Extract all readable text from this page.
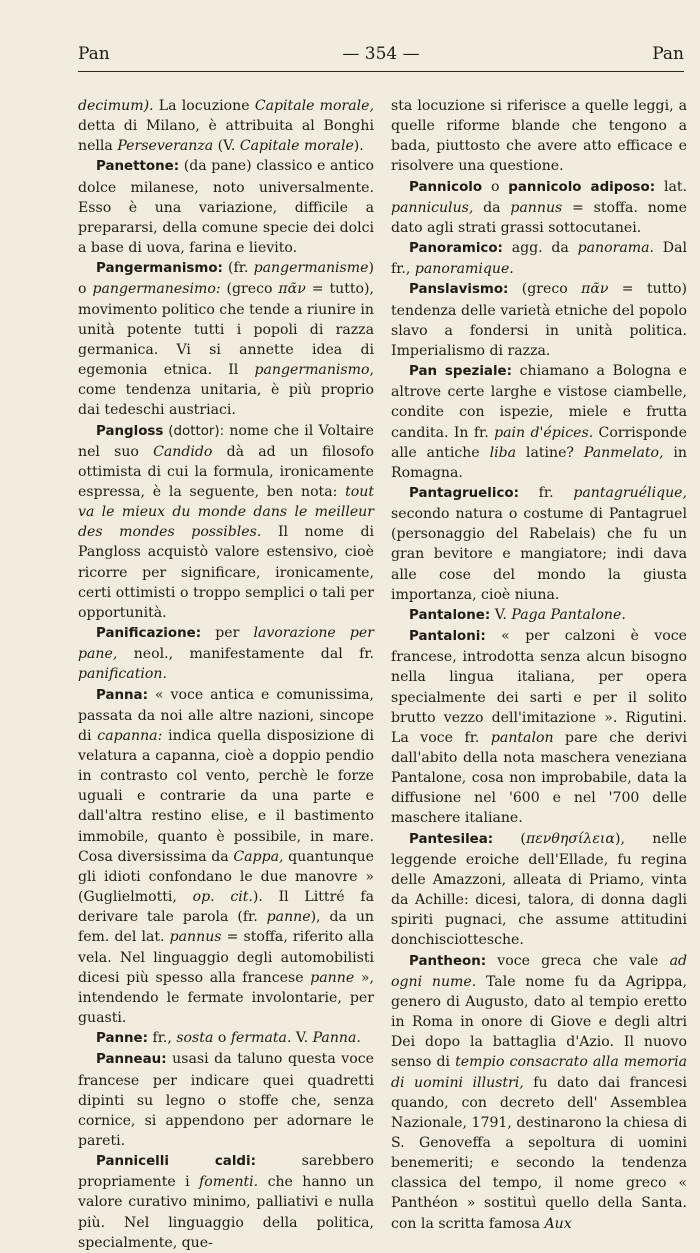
Pan	— 354 —	Pan

decimum). La locuzione Capitale morale, detta di Milano, è attribuita al Bonghi nella Perseveranza (V. Capitale morale).

Panettone: (da pane) classico e antico dolce milanese, noto universalmente. Esso è una variazione, difficile a prepararsi, della comune specie dei dolci a base di uova, farina e lievito.

Pangermanismo: (fr. pangermanisme) o pangermanesimo: (greco πᾶν = tutto), movimento politico che tende a riunire in unità potente tutti i popoli di razza germanica. Vi si annette idea di egemonia etnica. Il pangermanismo, come tendenza unitaria, è più proprio dai tedeschi austriaci.

Pangloss (dottor): nome che il Voltaire nel suo Candido dà ad un filosofo ottimista di cui la formula, ironicamente espressa, è la seguente, ben nota: tout va le mieux du monde dans le meilleur des mondes possibles. Il nome di Pangloss acquistò valore estensivo, cioè ricorre per significare, ironicamente, certi ottimisti o troppo semplici o tali per opportunità.

Panificazione: per lavorazione per pane, neol., manifestamente dal fr. panification.

Panna: « voce antica e comunissima, passata da noi alle altre nazioni, sincope di capanna: indica quella disposizione di velatura a capanna, cioè a doppio pendio in contrasto col vento, perchè le forze uguali e contrarie da una parte e dall'altra restino elise, e il bastimento immobile, quanto è possibile, in mare. Cosa diversissima da Cappa, quantunque gli idioti confondano le due manovre » (Guglielmotti, op. cit.). Il Littré fa derivare tale parola (fr. panne), da un fem. del lat. pannus = stoffa, riferito alla vela. Nel linguaggio degli automobilisti dicesi più spesso alla francese panne », intendendo le fermate involontarie, per guasti.

Panne: fr., sosta o fermata. V. Panna.

Panneau: usasi da taluno questa voce francese per indicare quei quadretti dipinti su legno o stoffe che, senza cornice, si appendono per adornare le pareti.

Pannicelli caldi: sarebbero propriamente i fomenti. che hanno un valore curativo minimo, palliativi e nulla più. Nel linguaggio della politica, specialmente, que-

sta locuzione si riferisce a quelle leggi, a quelle riforme blande che tengono a bada, piuttosto che avere atto efficace e risolvere una questione.

Pannicolo o pannicolo adiposo: lat. panniculus, da pannus = stoffa. nome dato agli strati grassi sottocutanei.

Panoramico: agg. da panorama. Dal fr., panoramique.

Panslavismo: (greco πᾶν = tutto) tendenza delle varietà etniche del popolo slavo a fondersi in unità politica. Imperialismo di razza.

Pan speziale: chiamano a Bologna e altrove certe larghe e vistose ciambelle, condite con ispezie, miele e frutta candita. In fr. pain d'épices. Corrisponde alle antiche liba latine? Panmelato, in Romagna.

Pantagruelico: fr. pantagruélique, secondo natura o costume di Pantagruel (personaggio del Rabelais) che fu un gran bevitore e mangiatore; indi dava alle cose del mondo la giusta importanza, cioè niuna.

Pantalone: V. Paga Pantalone.

Pantaloni: « per calzoni è voce francese, introdotta senza alcun bisogno nella lingua italiana, per opera specialmente dei sarti e per il solito brutto vezzo dell'imitazione ». Rigutini. La voce fr. pantalon pare che derivi dall'abito della nota maschera veneziana Pantalone, cosa non improbabile, data la diffusione nel '600 e nel '700 delle maschere italiane.

Pantesilea: (πενθησίλεια), nelle leggende eroiche dell'Ellade, fu regina delle Amazzoni, alleata di Priamo, vinta da Achille: dicesi, talora, di donna dagli spiriti pugnaci, che assume attitudini donchisciottesche.

Pantheon: voce greca che vale ad ogni nume. Tale nome fu da Agrippa, genero di Augusto, dato al tempio eretto in Roma in onore di Giove e degli altri Dei dopo la battaglia d'Azio. Il nuovo senso di tempio consacrato alla memoria di uomini illustri, fu dato dai francesi quando, con decreto dell' Assemblea Nazionale, 1791, destinarono la chiesa di S. Genoveffa a sepoltura di uomini benemeriti; e secondo la tendenza classica del tempo, il nome greco « Panthéon » sostituì quello della Santa. con la scritta famosa Aux
